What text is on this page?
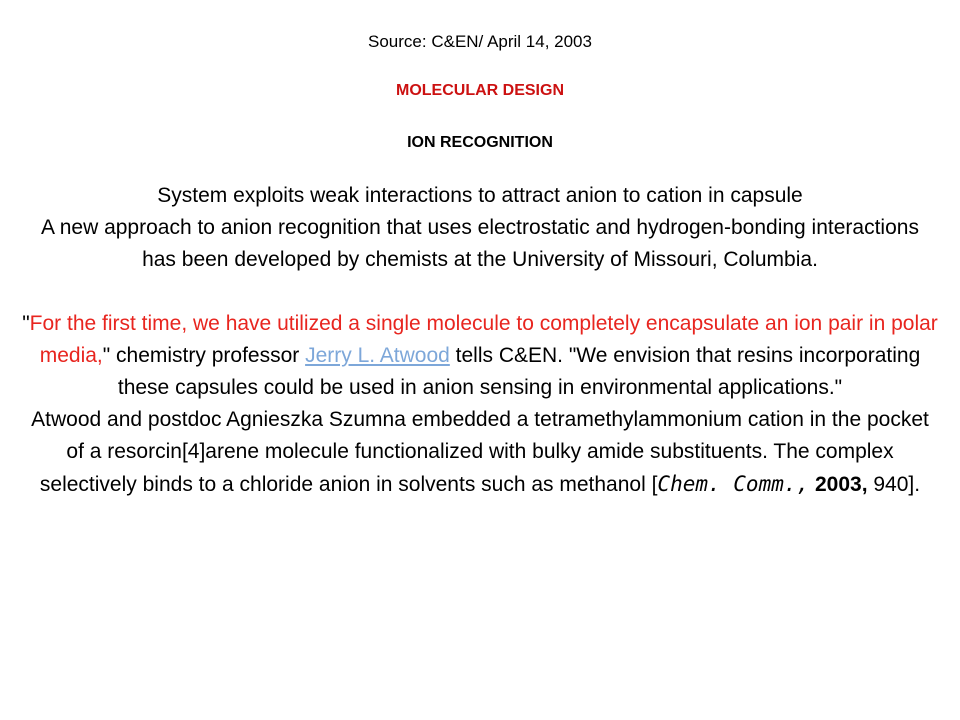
Source: C&EN/ April 14, 2003
MOLECULAR DESIGN
ION RECOGNITION

System exploits weak interactions to attract anion to cation in capsule

A new approach to anion recognition that uses electrostatic and hydrogen-bonding interactions has been developed by chemists at the University of Missouri, Columbia.

"For the first time, we have utilized a single molecule to completely encapsulate an ion pair in polar media," chemistry professor Jerry L. Atwood tells C&EN. "We envision that resins incorporating these capsules could be used in anion sensing in environmental applications."

Atwood and postdoc Agnieszka Szumna embedded a tetramethylammonium cation in the pocket of a resorcin[4]arene molecule functionalized with bulky amide substituents. The complex selectively binds to a chloride anion in solvents such as methanol [Chem. Comm., 2003, 940].
